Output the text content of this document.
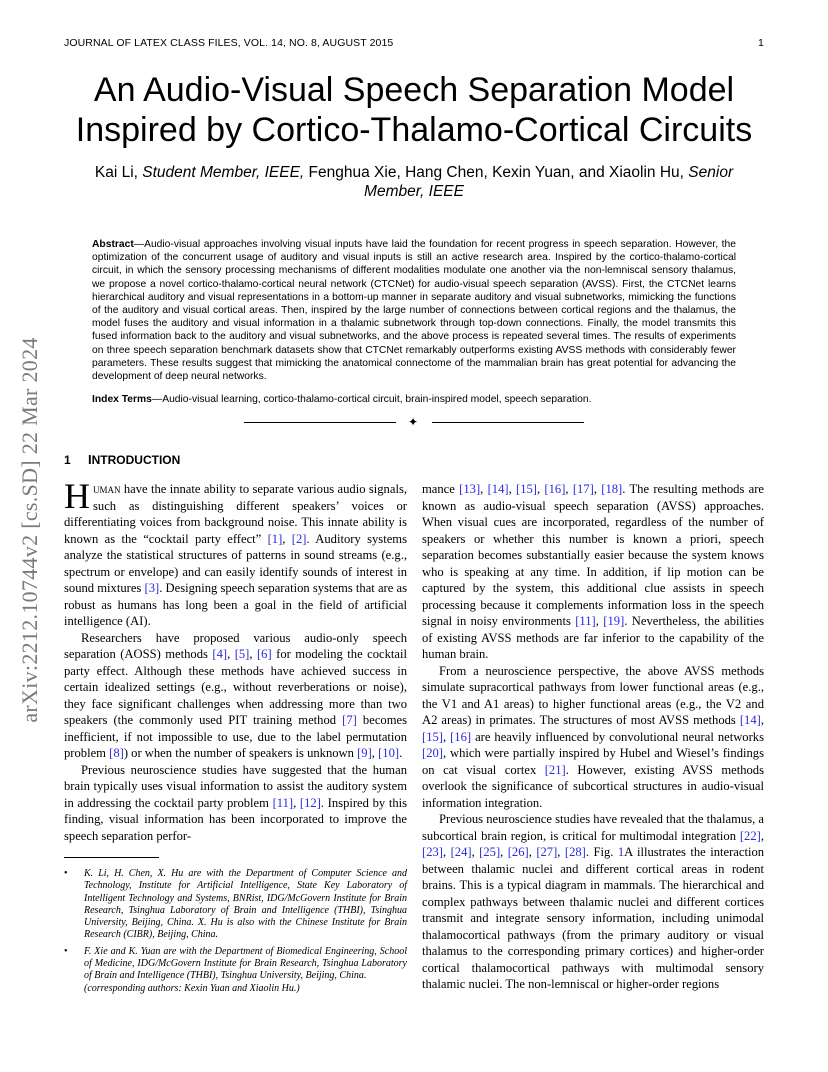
JOURNAL OF LATEX CLASS FILES, VOL. 14, NO. 8, AUGUST 2015	1
arXiv:2212.10744v2 [cs.SD] 22 Mar 2024
An Audio-Visual Speech Separation Model
Inspired by Cortico-Thalamo-Cortical Circuits
Kai Li, Student Member, IEEE, Fenghua Xie, Hang Chen, Kexin Yuan, and Xiaolin Hu, Senior Member, IEEE
Abstract—Audio-visual approaches involving visual inputs have laid the foundation for recent progress in speech separation. However, the optimization of the concurrent usage of auditory and visual inputs is still an active research area. Inspired by the cortico-thalamo-cortical circuit, in which the sensory processing mechanisms of different modalities modulate one another via the non-lemniscal sensory thalamus, we propose a novel cortico-thalamo-cortical neural network (CTCNet) for audio-visual speech separation (AVSS). First, the CTCNet learns hierarchical auditory and visual representations in a bottom-up manner in separate auditory and visual subnetworks, mimicking the functions of the auditory and visual cortical areas. Then, inspired by the large number of connections between cortical regions and the thalamus, the model fuses the auditory and visual information in a thalamic subnetwork through top-down connections. Finally, the model transmits this fused information back to the auditory and visual subnetworks, and the above process is repeated several times. The results of experiments on three speech separation benchmark datasets show that CTCNet remarkably outperforms existing AVSS methods with considerably fewer parameters. These results suggest that mimicking the anatomical connectome of the mammalian brain has great potential for advancing the development of deep neural networks.
Index Terms—Audio-visual learning, cortico-thalamo-cortical circuit, brain-inspired model, speech separation.
✦
1 INTRODUCTION

Human have the innate ability to separate various audio signals, such as distinguishing different speakers’ voices or differentiating voices from background noise. This innate ability is known as the “cocktail party effect” [1], [2]. Auditory systems analyze the statistical structures of patterns in sound streams (e.g., spectrum or envelope) and can easily identify sounds of interest in sound mixtures [3]. Designing speech separation systems that are as robust as humans has long been a goal in the field of artificial intelligence (AI).

Researchers have proposed various audio-only speech separation (AOSS) methods [4], [5], [6] for modeling the cocktail party effect. Although these methods have achieved success in certain idealized settings (e.g., without reverberations or noise), they face significant challenges when addressing more than two speakers (the commonly used PIT training method [7] becomes inefficient, if not impossible to use, due to the label permutation problem [8]) or when the number of speakers is unknown [9], [10].

Previous neuroscience studies have suggested that the human brain typically uses visual information to assist the auditory system in addressing the cocktail party problem [11], [12]. Inspired by this finding, visual information has been incorporated to improve the speech separation perfor-

• K. Li, H. Chen, X. Hu are with the Department of Computer Science and Technology, Institute for Artificial Intelligence, State Key Laboratory of Intelligent Technology and Systems, BNRist, IDG/McGovern Institute for Brain Research, Tsinghua Laboratory of Brain and Intelligence (THBI), Tsinghua University, Beijing, China. X. Hu is also with the Chinese Institute for Brain Research (CIBR), Beijing, China.
• F. Xie and K. Yuan are with the Department of Biomedical Engineering, School of Medicine, IDG/McGovern Institute for Brain Research, Tsinghua Laboratory of Brain and Intelligence (THBI), Tsinghua University, Beijing, China.
(corresponding authors: Kexin Yuan and Xiaolin Hu.)

mance [13], [14], [15], [16], [17], [18]. The resulting methods are known as audio-visual speech separation (AVSS) approaches. When visual cues are incorporated, regardless of the number of speakers or whether this number is known a priori, speech separation becomes substantially easier because the system knows who is speaking at any time. In addition, if lip motion can be captured by the system, this additional clue assists in speech processing because it complements information loss in the speech signal in noisy environments [11], [19]. Nevertheless, the abilities of existing AVSS methods are far inferior to the capability of the human brain.

From a neuroscience perspective, the above AVSS methods simulate supracortical pathways from lower functional areas (e.g., the V1 and A1 areas) to higher functional areas (e.g., the V2 and A2 areas) in primates. The structures of most AVSS methods [14], [15], [16] are heavily influenced by convolutional neural networks [20], which were partially inspired by Hubel and Wiesel’s findings on cat visual cortex [21]. However, existing AVSS methods overlook the significance of subcortical structures in audio-visual information integration.

Previous neuroscience studies have revealed that the thalamus, a subcortical brain region, is critical for multimodal integration [22], [23], [24], [25], [26], [27], [28]. Fig. 1A illustrates the interaction between thalamic nuclei and different cortical areas in rodent brains. This is a typical diagram in mammals. The hierarchical and complex pathways between thalamic nuclei and different cortices transmit and integrate sensory information, including unimodal thalamocortical pathways (from the primary auditory or visual thalamus to the corresponding primary cortices) and higher-order cortical thalamocortical pathways with multimodal sensory thalamic nuclei. The non-lemniscal or higher-order regions
